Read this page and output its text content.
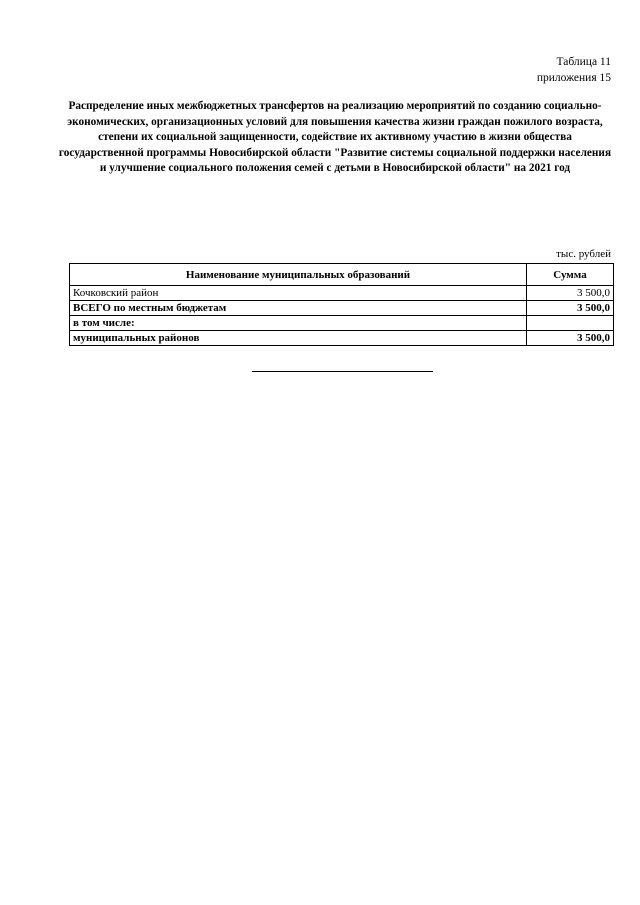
Таблица 11
приложения 15
Распределение иных межбюджетных трансфертов на реализацию мероприятий по созданию социально-экономических, организационных условий для повышения качества жизни граждан пожилого возраста, степени их социальной защищенности, содействие их активному участию в жизни общества государственной программы Новосибирской области "Развитие системы социальной поддержки населения и улучшение социального положения семей с детьми в Новосибирской области" на 2021 год
тыс. рублей
Наименование муниципальных образований	Сумма
Кочковский район	3 500,0
ВСЕГО по местным бюджетам	3 500,0
в том числе:	
муниципальных районов	3 500,0
